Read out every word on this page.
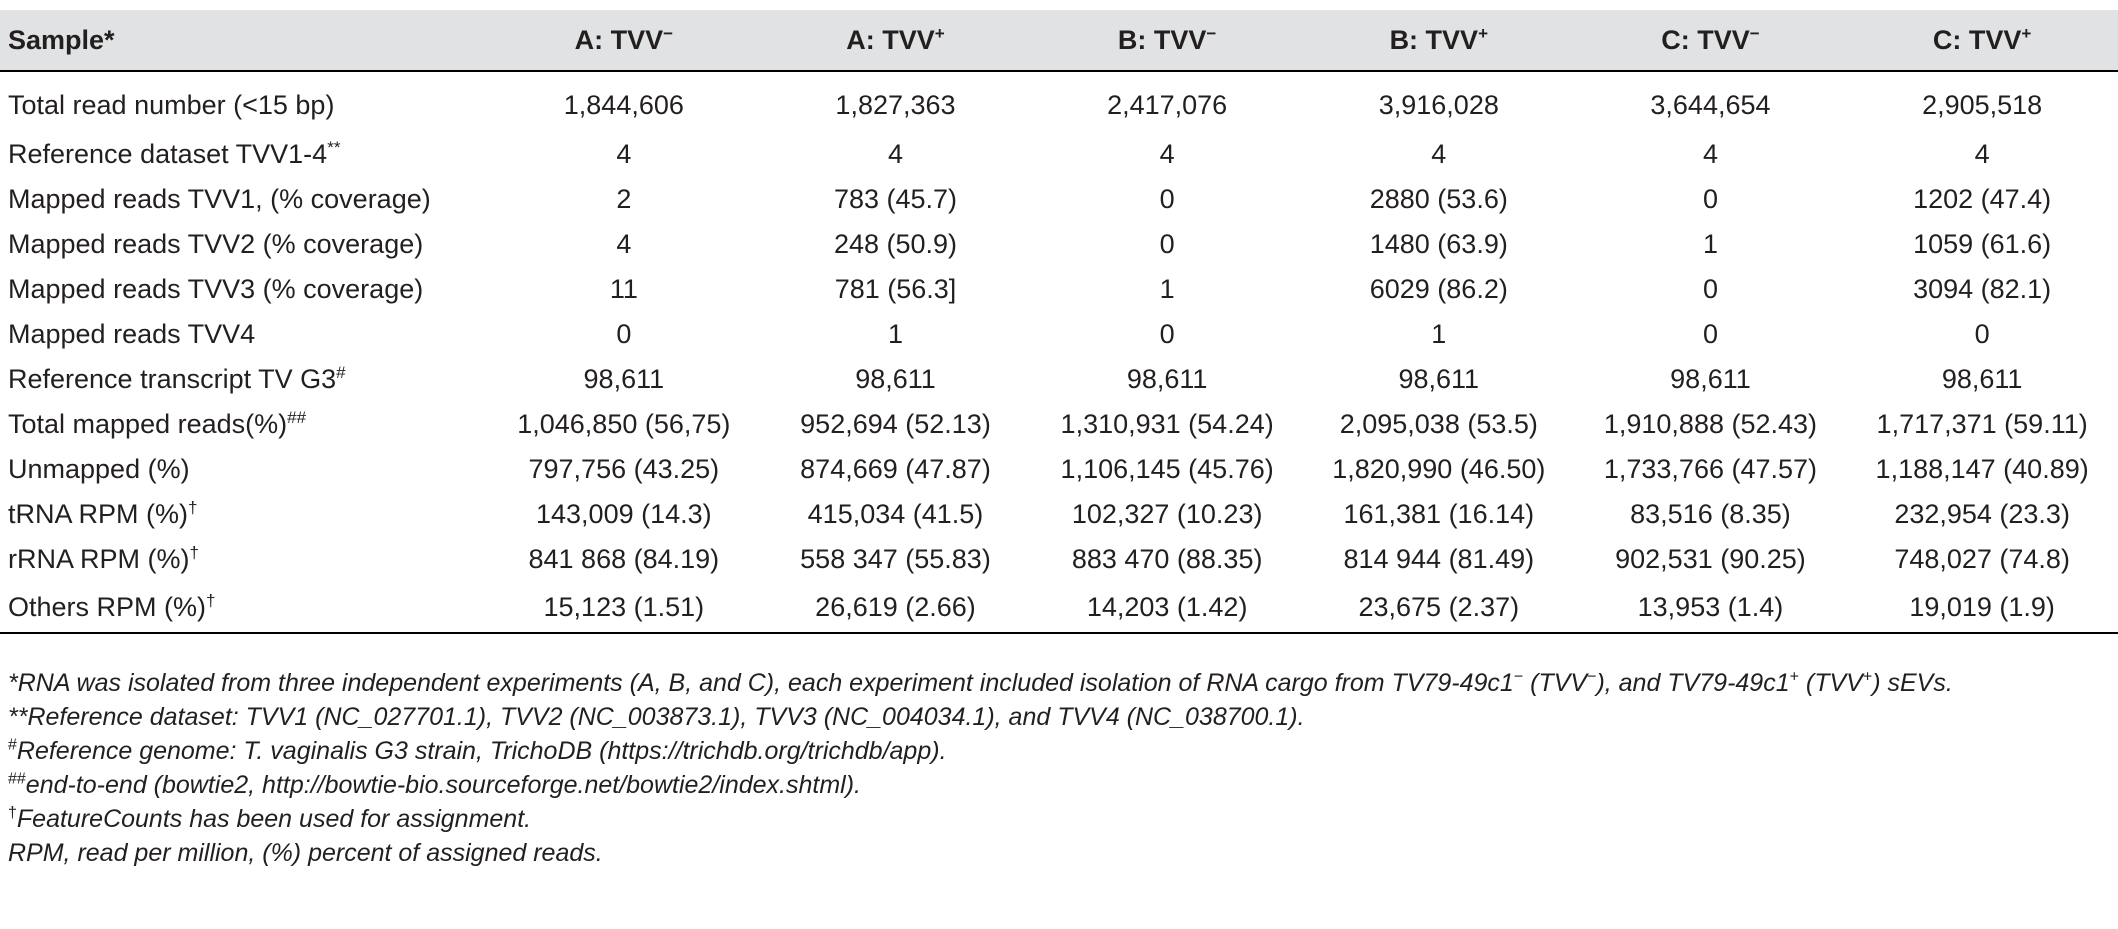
Sample*	A: TVV−	A: TVV+	B: TVV−	B: TVV+	C: TVV−	C: TVV+
Total read number (<15 bp)	1,844,606	1,827,363	2,417,076	3,916,028	3,644,654	2,905,518
Reference dataset TVV1-4**	4	4	4	4	4	4
Mapped reads TVV1, (% coverage)	2	783 (45.7)	0	2880 (53.6)	0	1202 (47.4)
Mapped reads TVV2 (% coverage)	4	248 (50.9)	0	1480 (63.9)	1	1059 (61.6)
Mapped reads TVV3 (% coverage)	11	781 (56.3]	1	6029 (86.2)	0	3094 (82.1)
Mapped reads TVV4	0	1	0	1	0	0
Reference transcript TV G3#	98,611	98,611	98,611	98,611	98,611	98,611
Total mapped reads(%)##	1,046,850 (56,75)	952,694 (52.13)	1,310,931 (54.24)	2,095,038 (53.5)	1,910,888 (52.43)	1,717,371 (59.11)
Unmapped (%)	797,756 (43.25)	874,669 (47.87)	1,106,145 (45.76)	1,820,990 (46.50)	1,733,766 (47.57)	1,188,147 (40.89)
tRNA RPM (%)†	143,009 (14.3)	415,034 (41.5)	102,327 (10.23)	161,381 (16.14)	83,516 (8.35)	232,954 (23.3)
rRNA RPM (%)†	841 868 (84.19)	558 347 (55.83)	883 470 (88.35)	814 944 (81.49)	902,531 (90.25)	748,027 (74.8)
Others RPM (%)†	15,123 (1.51)	26,619 (2.66)	14,203 (1.42)	23,675 (2.37)	13,953 (1.4)	19,019 (1.9)

*RNA was isolated from three independent experiments (A, B, and C), each experiment included isolation of RNA cargo from TV79-49c1− (TVV−), and TV79-49c1+ (TVV+) sEVs.

**Reference dataset: TVV1 (NC_027701.1), TVV2 (NC_003873.1), TVV3 (NC_004034.1), and TVV4 (NC_038700.1).

#Reference genome: T. vaginalis G3 strain, TrichoDB (https://trichdb.org/trichdb/app).

##end-to-end (bowtie2, http://bowtie-bio.sourceforge.net/bowtie2/index.shtml).

†FeatureCounts has been used for assignment.

RPM, read per million, (%) percent of assigned reads.
